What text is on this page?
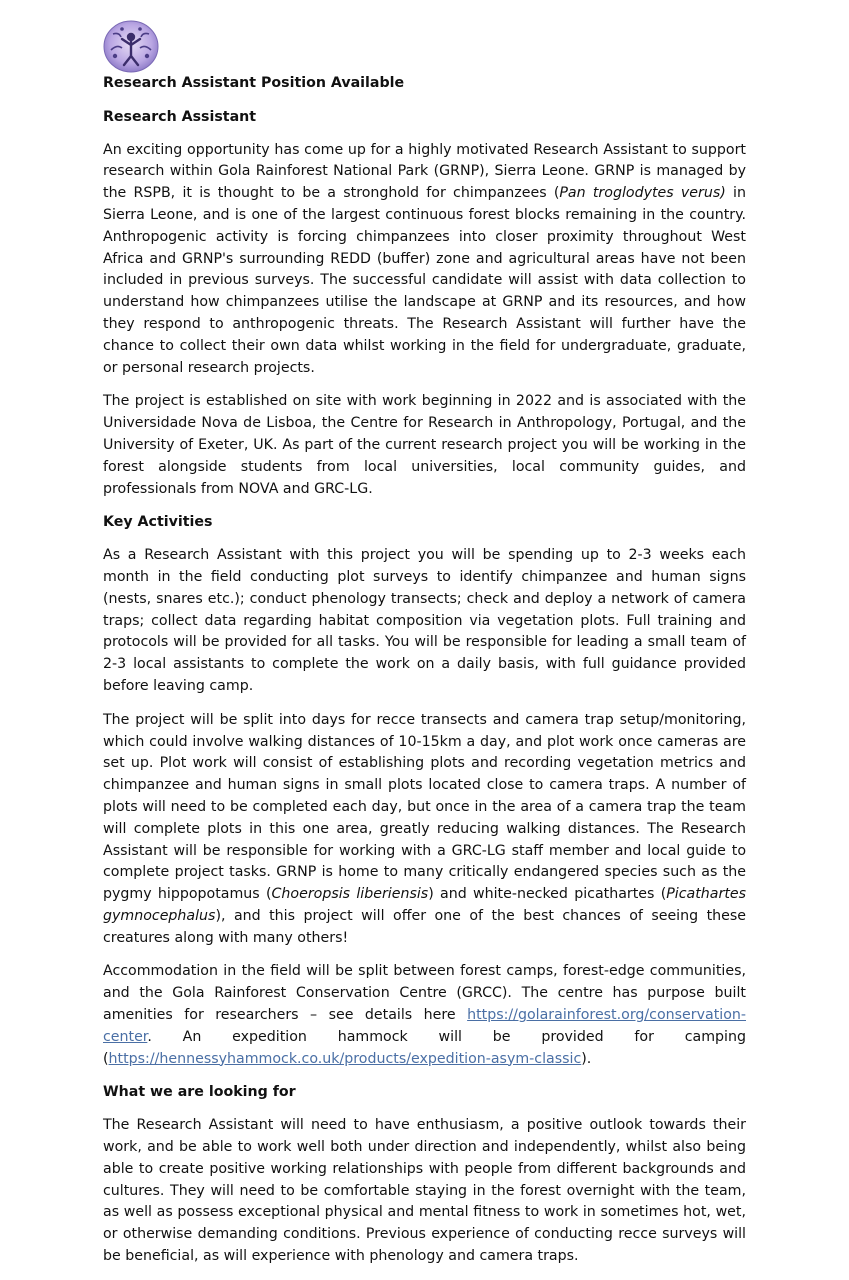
Research Assistant Position Available
Research Assistant

An exciting opportunity has come up for a highly motivated Research Assistant to support research within Gola Rainforest National Park (GRNP), Sierra Leone. GRNP is managed by the RSPB, it is thought to be a stronghold for chimpanzees (Pan troglodytes verus) in Sierra Leone, and is one of the largest continuous forest blocks remaining in the country. Anthropogenic activity is forcing chimpanzees into closer proximity throughout West Africa and GRNP's surrounding REDD (buffer) zone and agricultural areas have not been included in previous surveys. The successful candidate will assist with data collection to understand how chimpanzees utilise the landscape at GRNP and its resources, and how they respond to anthropogenic threats. The Research Assistant will further have the chance to collect their own data whilst working in the field for undergraduate, graduate, or personal research projects.

The project is established on site with work beginning in 2022 and is associated with the Universidade Nova de Lisboa, the Centre for Research in Anthropology, Portugal, and the University of Exeter, UK. As part of the current research project you will be working in the forest alongside students from local universities, local community guides, and professionals from NOVA and GRC-LG.

Key Activities

As a Research Assistant with this project you will be spending up to 2-3 weeks each month in the field conducting plot surveys to identify chimpanzee and human signs (nests, snares etc.); conduct phenology transects; check and deploy a network of camera traps; collect data regarding habitat composition via vegetation plots. Full training and protocols will be provided for all tasks. You will be responsible for leading a small team of 2-3 local assistants to complete the work on a daily basis, with full guidance provided before leaving camp.

The project will be split into days for recce transects and camera trap setup/monitoring, which could involve walking distances of 10-15km a day, and plot work once cameras are set up. Plot work will consist of establishing plots and recording vegetation metrics and chimpanzee and human signs in small plots located close to camera traps. A number of plots will need to be completed each day, but once in the area of a camera trap the team will complete plots in this one area, greatly reducing walking distances. The Research Assistant will be responsible for working with a GRC-LG staff member and local guide to complete project tasks. GRNP is home to many critically endangered species such as the pygmy hippopotamus (Choeropsis liberiensis) and white-necked picathartes (Picathartes gymnocephalus), and this project will offer one of the best chances of seeing these creatures along with many others!

Accommodation in the field will be split between forest camps, forest-edge communities, and the Gola Rainforest Conservation Centre (GRCC). The centre has purpose built amenities for researchers – see details here https://golarainforest.org/conservation-center. An expedition hammock will be provided for camping (https://hennessyhammock.co.uk/products/expedition-asym-classic).

What we are looking for

The Research Assistant will need to have enthusiasm, a positive outlook towards their work, and be able to work well both under direction and independently, whilst also being able to create positive working relationships with people from different backgrounds and cultures. They will need to be comfortable staying in the forest overnight with the team, as well as possess exceptional physical and mental fitness to work in sometimes hot, wet, or otherwise demanding conditions. Previous experience of conducting recce surveys will be beneficial, as will experience with phenology and camera traps.
